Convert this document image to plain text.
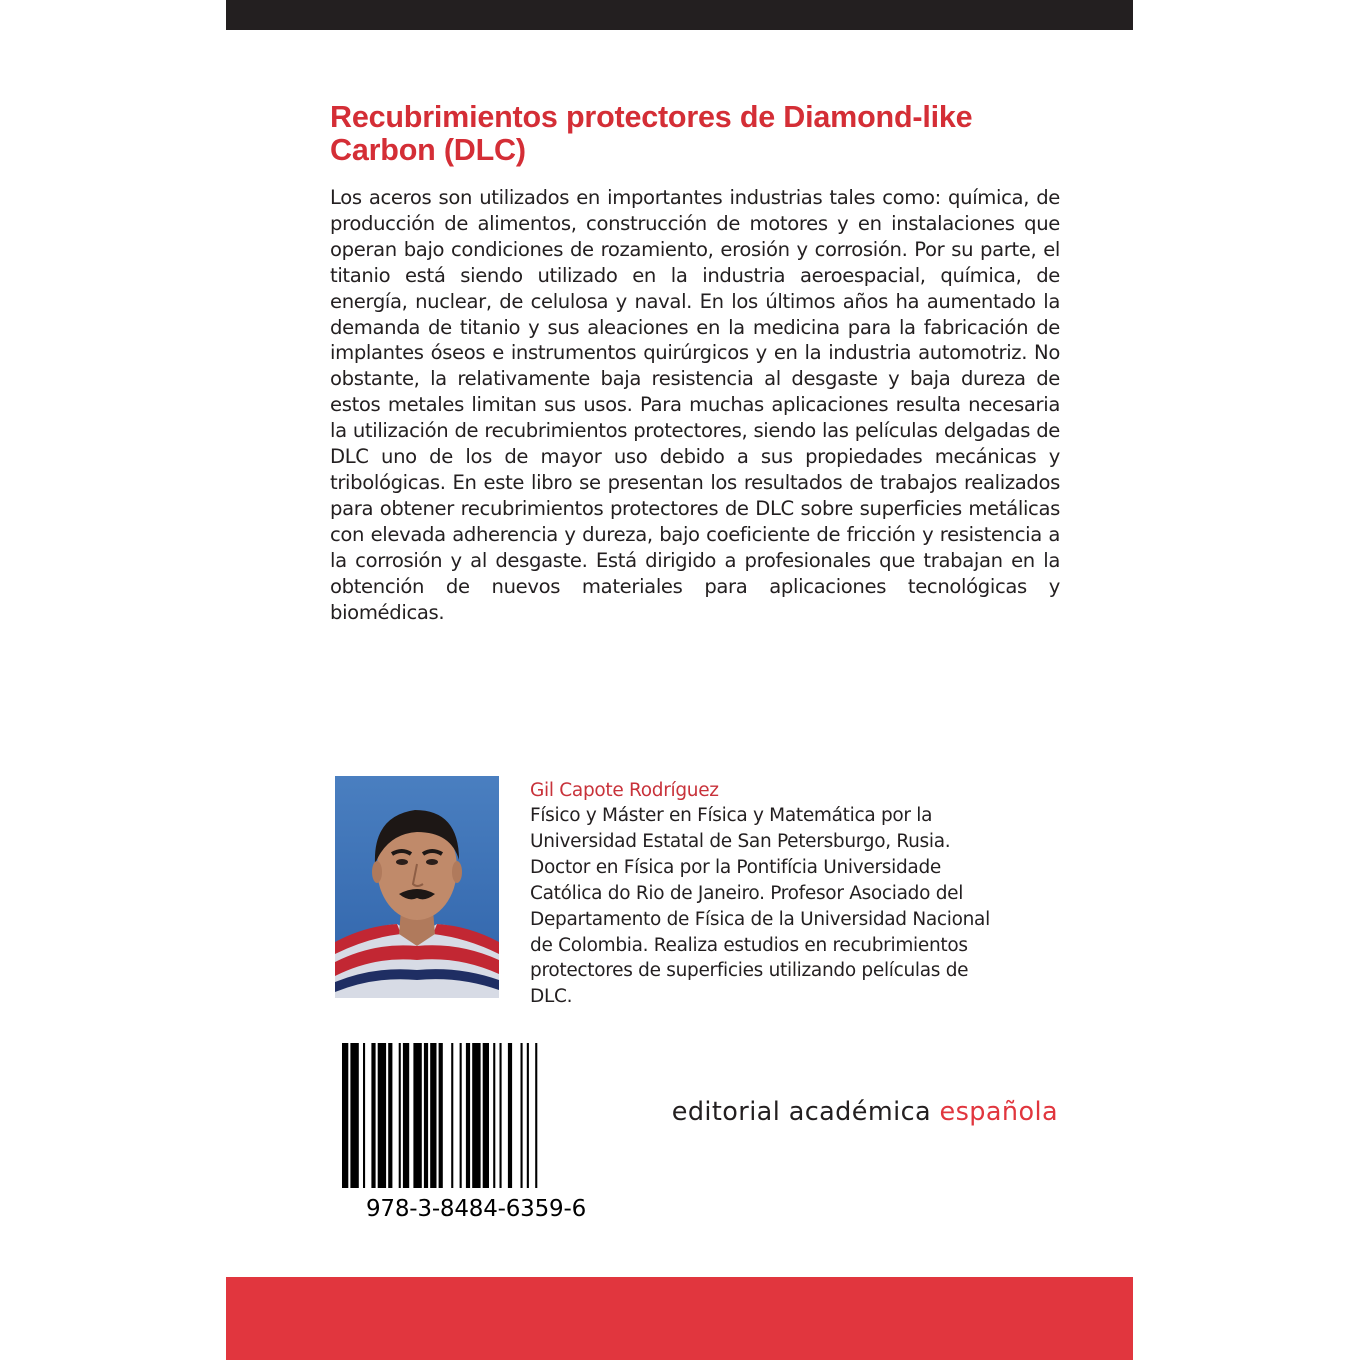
Recubrimientos protectores de Diamond-like Carbon (DLC)

Los aceros son utilizados en importantes industrias tales como: química, de producción de alimentos, construcción de motores y en instalaciones que operan bajo condiciones de rozamiento, erosión y corrosión. Por su parte, el titanio está siendo utilizado en la industria aeroespacial, química, de energía, nuclear, de celulosa y naval. En los últimos años ha aumentado la demanda de titanio y sus aleaciones en la medicina para la fabricación de implantes óseos e instrumentos quirúrgicos y en la industria automotriz. No obstante, la relativamente baja resistencia al desgaste y baja dureza de estos metales limitan sus usos. Para muchas aplicaciones resulta necesaria la utilización de recubrimientos protectores, siendo las películas delgadas de DLC uno de los de mayor uso debido a sus propiedades mecánicas y tribológicas. En este libro se presentan los resultados de trabajos realizados para obtener recubrimientos protectores de DLC sobre superficies metálicas con elevada adherencia y dureza, bajo coeficiente de fricción y resistencia a la corrosión y al desgaste. Está dirigido a profesionales que trabajan en la obtención de nuevos materiales para aplicaciones tecnológicas y biomédicas.

Gil Capote Rodríguez

Físico y Máster en Física y Matemática por la
Universidad Estatal de San Petersburgo, Rusia.
Doctor en Física por la Pontifícia Universidade
Católica do Rio de Janeiro. Profesor Asociado del
Departamento de Física de la Universidad Nacional
de Colombia. Realiza estudios en recubrimientos
protectores de superficies utilizando películas de
DLC.

978-3-8484-6359-6

editorial académica española
